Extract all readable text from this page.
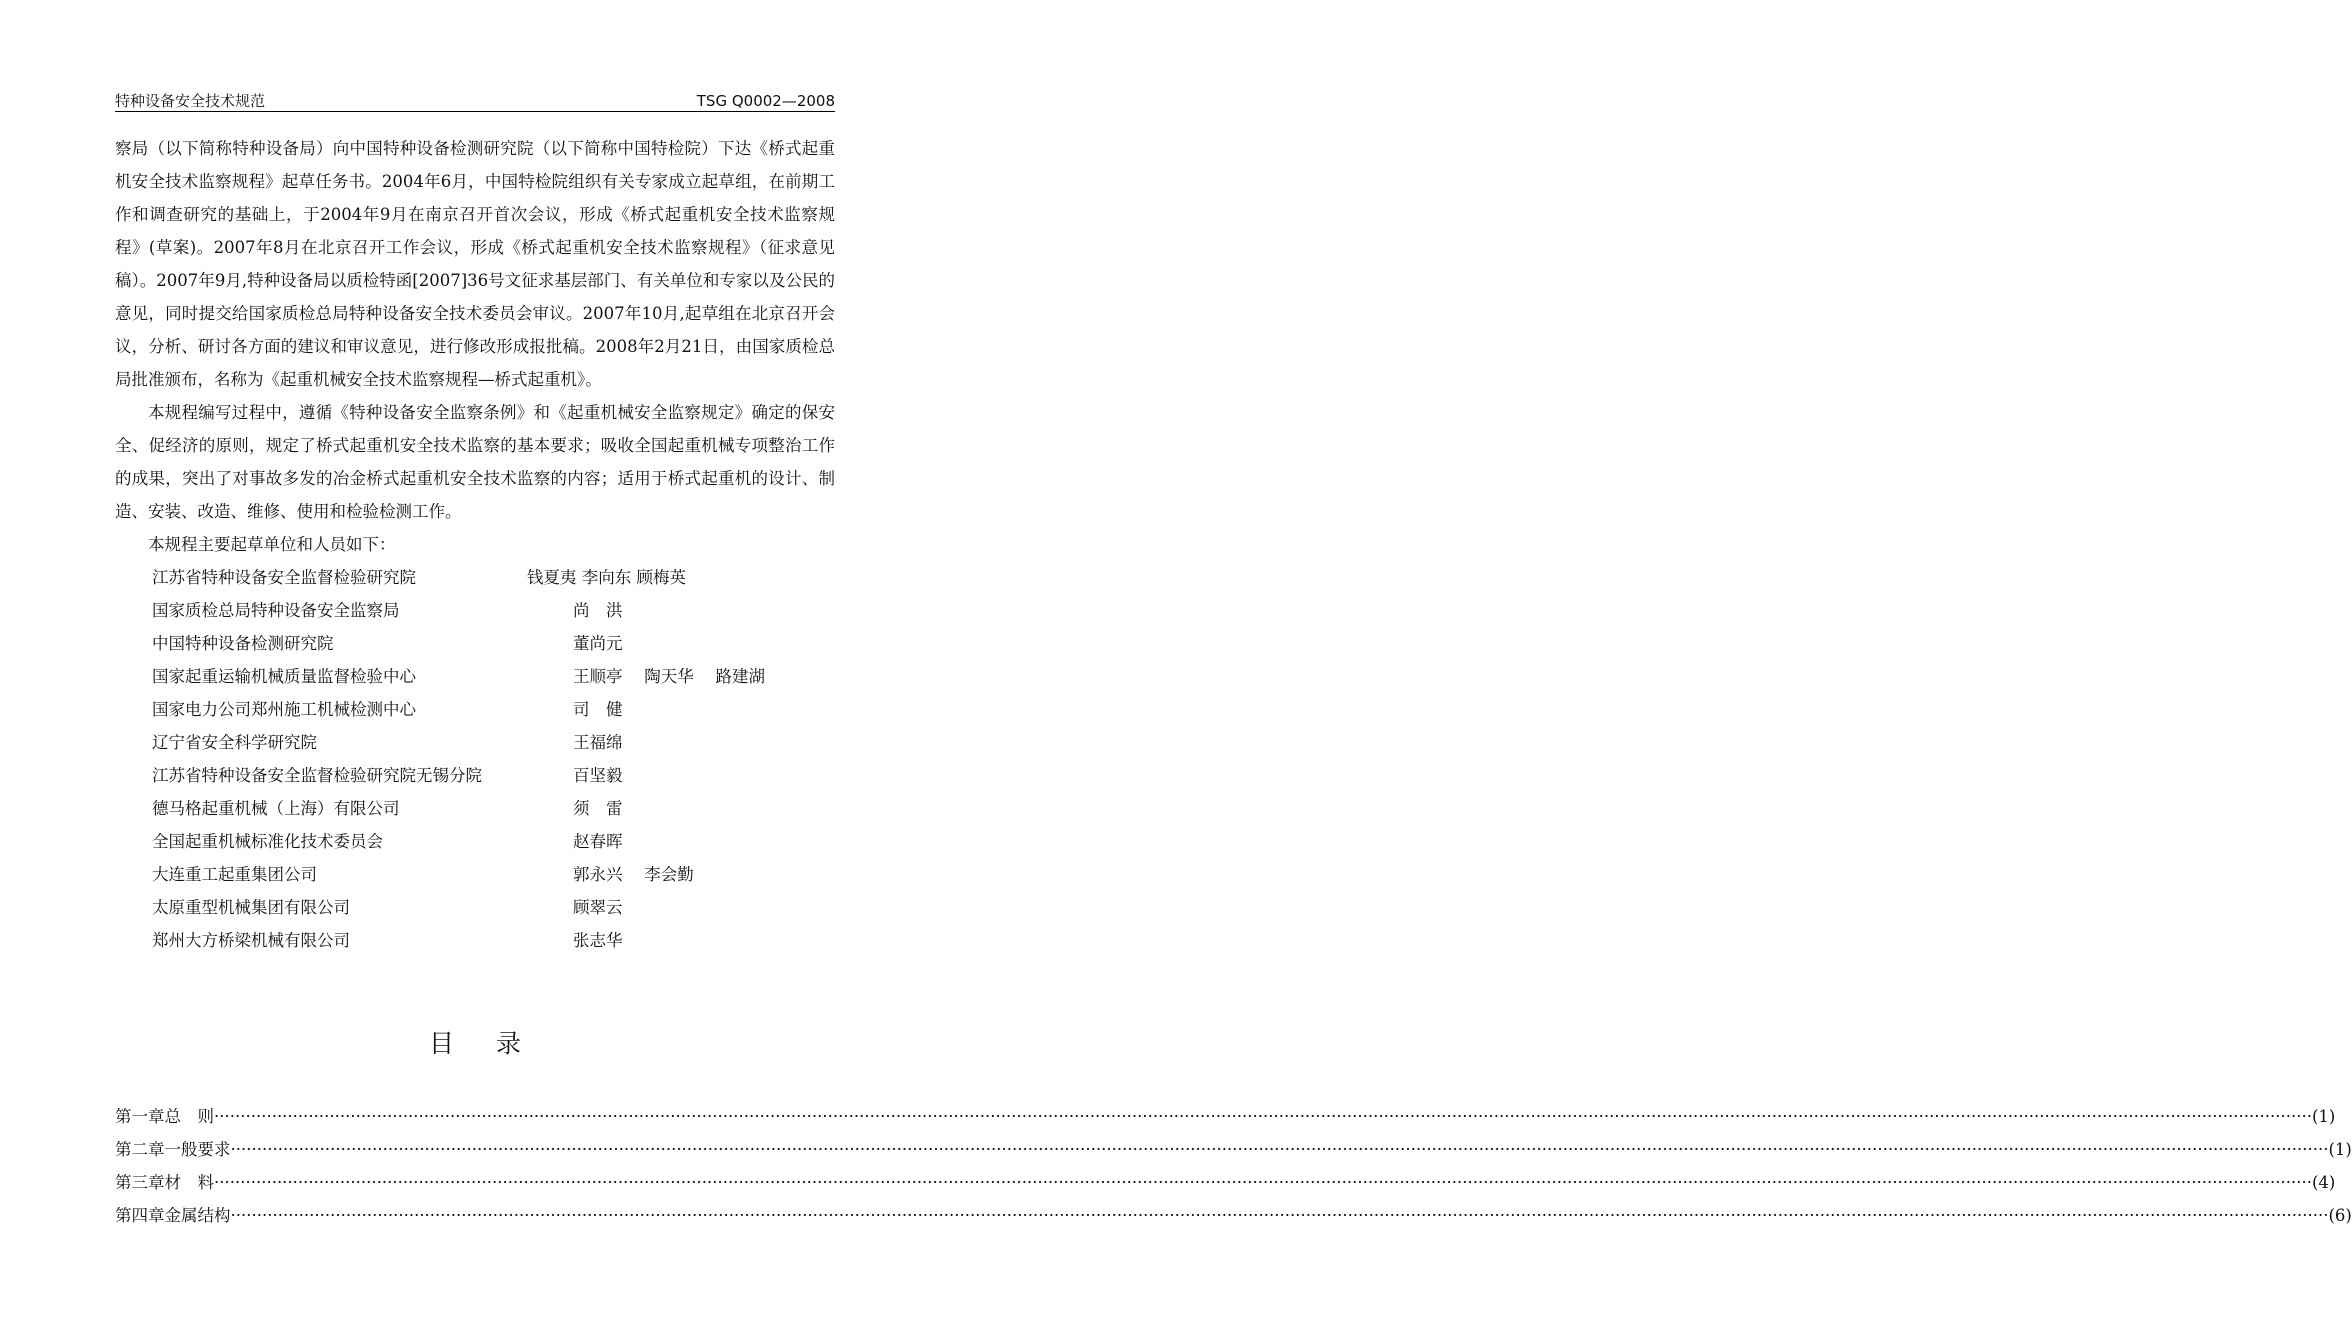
特种设备安全技术规范	TSG Q0002—2008

察局（以下简称特种设备局）向中国特种设备检测研究院（以下简称中国特检院）下达《桥式起重机安全技术监察规程》起草任务书。2004年6月，中国特检院组织有关专家成立起草组，在前期工作和调查研究的基础上，于2004年9月在南京召开首次会议，形成《桥式起重机安全技术监察规程》(草案)。2007年8月在北京召开工作会议，形成《桥式起重机安全技术监察规程》（征求意见稿）。2007年9月,特种设备局以质检特函[2007]36号文征求基层部门、有关单位和专家以及公民的意见，同时提交给国家质检总局特种设备安全技术委员会审议。2007年10月,起草组在北京召开会议，分析、研讨各方面的建议和审议意见，进行修改形成报批稿。2008年2月21日，由国家质检总局批准颁布，名称为《起重机械安全技术监察规程—桥式起重机》。

本规程编写过程中，遵循《特种设备安全监察条例》和《起重机械安全监察规定》确定的保安全、促经济的原则，规定了桥式起重机安全技术监察的基本要求；吸收全国起重机械专项整治工作的成果，突出了对事故多发的冶金桥式起重机安全技术监察的内容；适用于桥式起重机的设计、制造、安装、改造、维修、使用和检验检测工作。

本规程主要起草单位和人员如下：

江苏省特种设备安全监督检验研究院	钱夏夷 李向东 顾梅英
国家质检总局特种设备安全监察局	尚　洪
中国特种设备检测研究院	董尚元
国家起重运输机械质量监督检验中心	王顺亭　 陶天华　 路建湖
国家电力公司郑州施工机械检测中心	司　健
辽宁省安全科学研究院	王福绵
江苏省特种设备安全监督检验研究院无锡分院	百坚毅
德马格起重机械（上海）有限公司	须　雷
全国起重机械标准化技术委员会	赵春晖
大连重工起重集团公司	郭永兴　 李会勤
太原重型机械集团有限公司	顾翠云
郑州大方桥梁机械有限公司	张志华
目录
第一章 总　则 ················································································································································································································································································································································································································ (1)
第二章 一般要求 ················································································································································································································································································································································································································ (1)
第三章 材　料 ················································································································································································································································································································································································································ (4)
第四章 金属结构 ················································································································································································································································································································································································································ (6)
